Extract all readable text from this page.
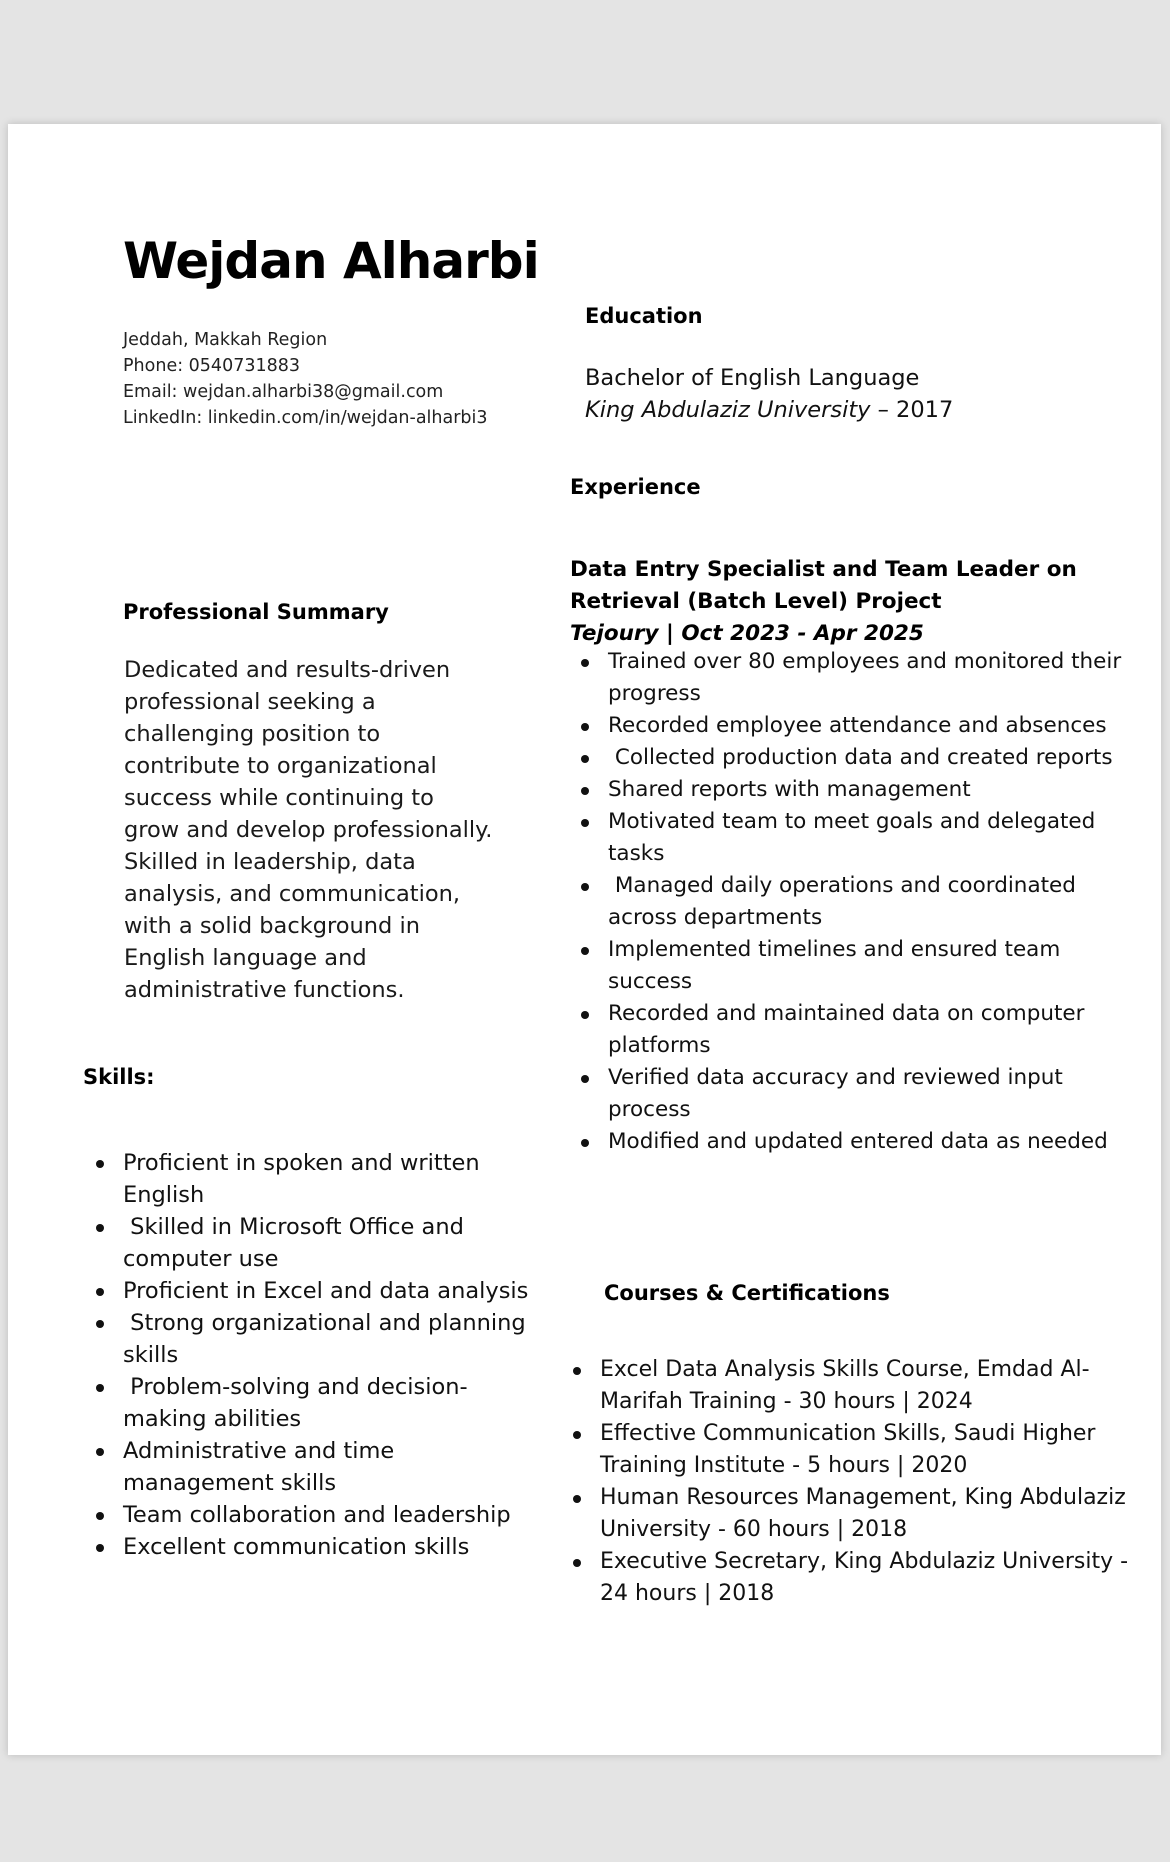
Wejdan Alharbi
Jeddah, Makkah Region
Phone: 0540731883
Email: wejdan.alharbi38@gmail.com
LinkedIn: linkedin.com/in/wejdan-alharbi3
Education
Bachelor of English Language
King Abdulaziz University – 2017
Experience
Data Entry Specialist and Team Leader on
Retrieval (Batch Level) Project
Tejoury | Oct 2023 - Apr 2025
Trained over 80 employees and monitored their progress
Recorded employee attendance and absences
Collected production data and created reports
Shared reports with management
Motivated team to meet goals and delegated tasks
Managed daily operations and coordinated across departments
Implemented timelines and ensured team success
Recorded and maintained data on computer platforms
Verified data accuracy and reviewed input process
Modified and updated entered data as needed
Professional Summary

Dedicated and results-driven professional seeking a challenging position to contribute to organizational success while continuing to grow and develop professionally. Skilled in leadership, data analysis, and communication, with a solid background in English language and administrative functions.

Skills:
Proficient in spoken and written English
Skilled in Microsoft Office and computer use
Proficient in Excel and data analysis
Strong organizational and planning skills
Problem-solving and decision-making abilities
Administrative and time management skills
Team collaboration and leadership
Excellent communication skills
Courses & Certifications
Excel Data Analysis Skills Course, Emdad Al-Marifah Training - 30 hours | 2024
Effective Communication Skills, Saudi Higher Training Institute - 5 hours | 2020
Human Resources Management, King Abdulaziz University - 60 hours | 2018
Executive Secretary, King Abdulaziz University - 24 hours | 2018
